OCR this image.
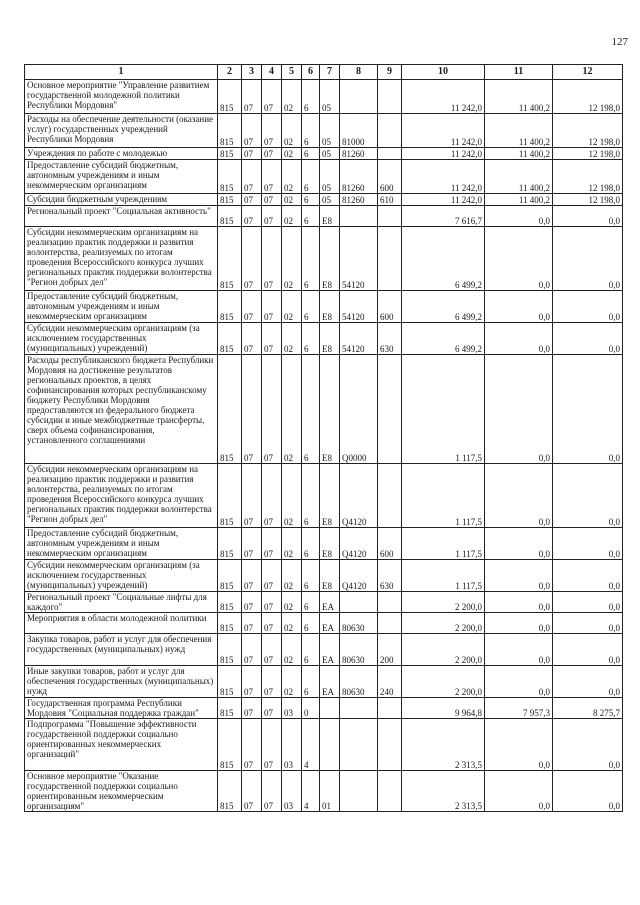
127
1	2	3	4	5	6	7	8	9	10	11	12
Основное мероприятие "Управление развитием государственной молодежной политики Республики Мордовия"	815	07	07	02	6	05			11 242,0	11 400,2	12 198,0
Расходы на обеспечение деятельности (оказание услуг) государственных учреждений Республики Мордовия	815	07	07	02	6	05	81000		11 242,0	11 400,2	12 198,0
Учреждения по работе с молодежью	815	07	07	02	6	05	81260		11 242,0	11 400,2	12 198,0
Предоставление субсидий бюджетным, автономным учреждениям и иным некоммерческим организациям	815	07	07	02	6	05	81260	600	11 242,0	11 400,2	12 198,0
Субсидии бюджетным учреждениям	815	07	07	02	6	05	81260	610	11 242,0	11 400,2	12 198,0
Региональный проект "Социальная активность"	815	07	07	02	6	E8			7 616,7	0,0	0,0
Субсидии некоммерческим организациям на реализацию практик поддержки и развития волонтерства, реализуемых по итогам проведения Всероссийского конкурса лучших региональных практик поддержки волонтерства "Регион добрых дел"	815	07	07	02	6	E8	54120		6 499,2	0,0	0,0
Предоставление субсидий бюджетным, автономным учреждениям и иным некоммерческим организациям	815	07	07	02	6	E8	54120	600	6 499,2	0,0	0,0
Субсидии некоммерческим организациям (за исключением государственных (муниципальных) учреждений)	815	07	07	02	6	E8	54120	630	6 499,2	0,0	0,0
Расходы республиканского бюджета Республики Мордовия на достижение результатов региональных проектов, в целях софинансирования которых республиканскому бюджету Республики Мордовия предоставляются из федерального бюджета субсидии и иные межбюджетные трансферты, сверх объема софинансирования, установленного соглашениями	815	07	07	02	6	E8	Q0000		1 117,5	0,0	0,0
Субсидии некоммерческим организациям на реализацию практик поддержки и развития волонтерства, реализуемых по итогам проведения Всероссийского конкурса лучших региональных практик поддержки волонтерства "Регион добрых дел"	815	07	07	02	6	E8	Q4120		1 117,5	0,0	0,0
Предоставление субсидий бюджетным, автономным учреждениям и иным некоммерческим организациям	815	07	07	02	6	E8	Q4120	600	1 117,5	0,0	0,0
Субсидии некоммерческим организациям (за исключением государственных (муниципальных) учреждений)	815	07	07	02	6	E8	Q4120	630	1 117,5	0,0	0,0
Региональный проект "Социальные лифты для каждого"	815	07	07	02	6	EA			2 200,0	0,0	0,0
Мероприятия в области молодежной политики	815	07	07	02	6	EA	80630		2 200,0	0,0	0,0
Закупка товаров, работ и услуг для обеспечения государственных (муниципальных) нужд	815	07	07	02	6	EA	80630	200	2 200,0	0,0	0,0
Иные закупки товаров, работ и услуг для обеспечения государственных (муниципальных) нужд	815	07	07	02	6	EA	80630	240	2 200,0	0,0	0,0
Государственная программа Республики Мордовия "Социальная поддержка граждан"	815	07	07	03	0				9 964,8	7 957,3	8 275,7
Подпрограмма "Повышение эффективности государственной поддержки социально ориентированных некоммерческих организаций"	815	07	07	03	4				2 313,5	0,0	0,0
Основное мероприятие "Оказание государственной поддержки социально ориентированным некоммерческим организациям"	815	07	07	03	4	01			2 313,5	0,0	0,0
